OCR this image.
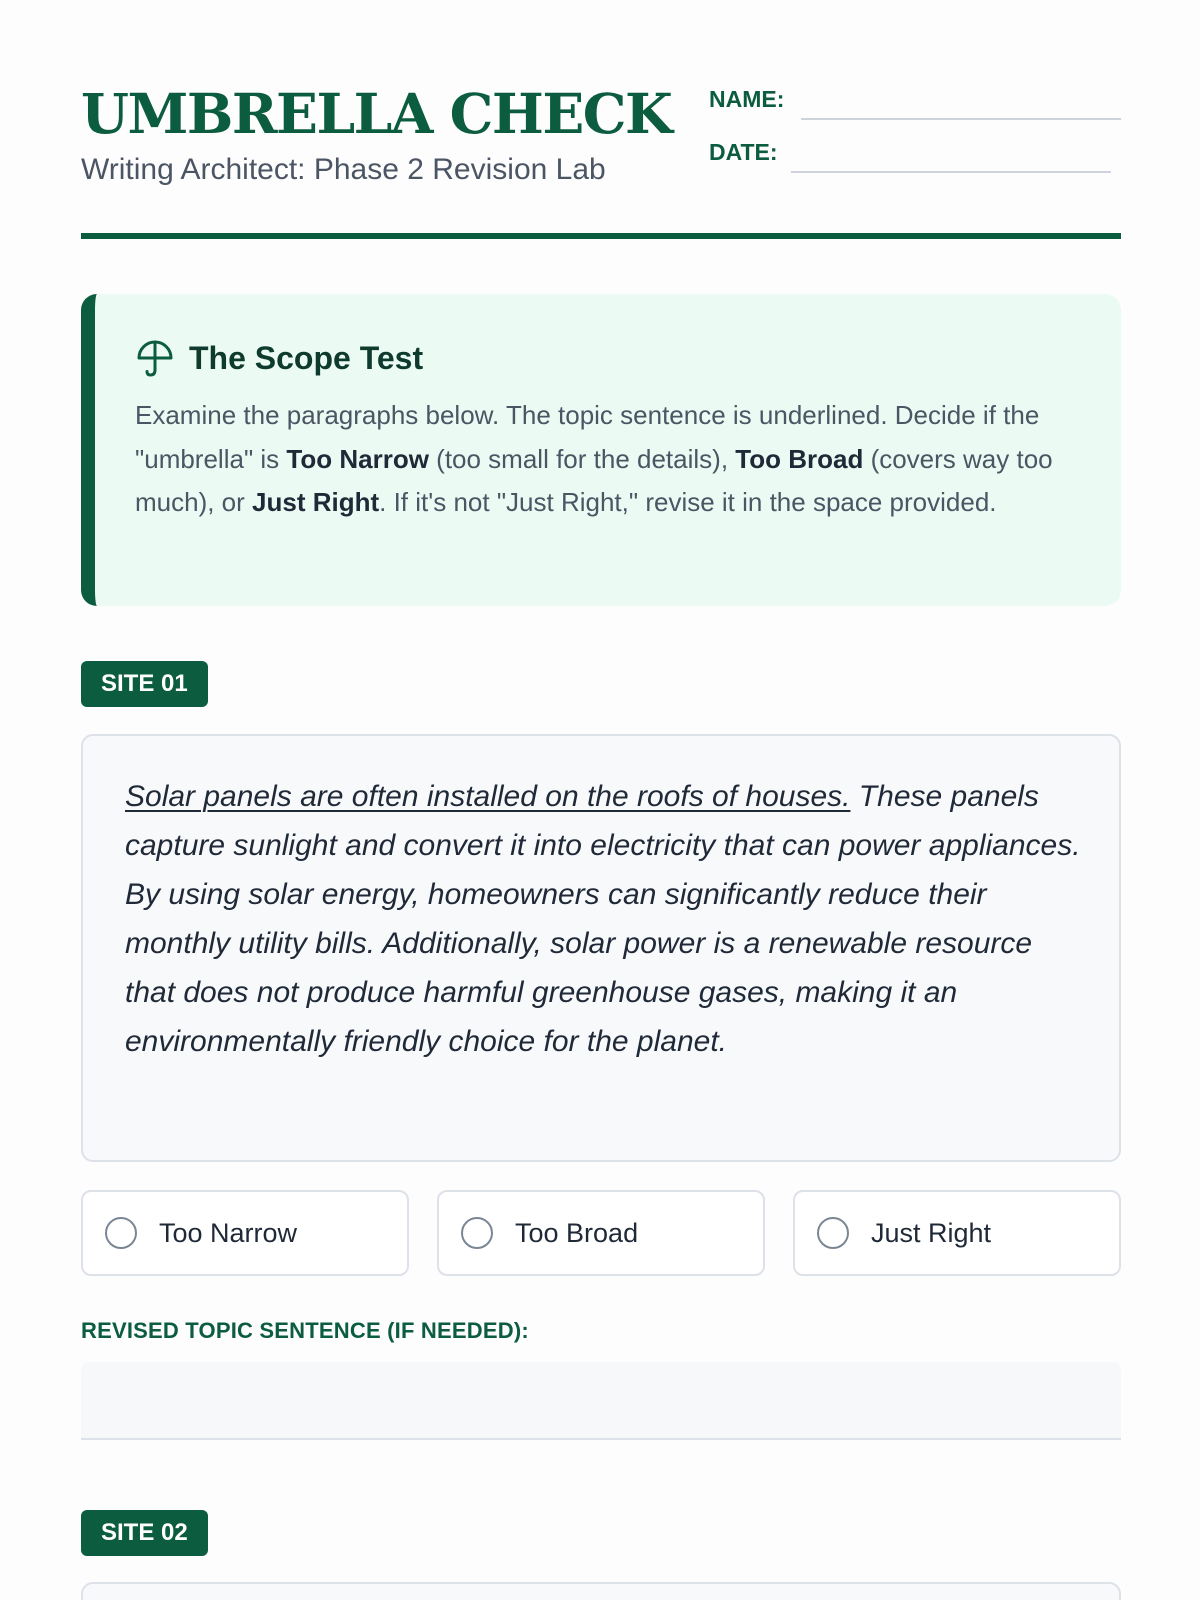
UMBRELLA CHECK
Writing Architect: Phase 2 Revision Lab
NAME:
DATE:
The Scope Test

Examine the paragraphs below. The topic sentence is underlined. Decide if the "umbrella" is Too Narrow (too small for the details), Too Broad (covers way too much), or Just Right. If it's not "Just Right," revise it in the space provided.

SITE 01

Solar panels are often installed on the roofs of houses. These panels capture sunlight and convert it into electricity that can power appliances. By using solar energy, homeowners can significantly reduce their monthly utility bills. Additionally, solar power is a renewable resource that does not produce harmful greenhouse gases, making it an environmentally friendly choice for the planet.

Too Narrow	Too Broad	Just Right
REVISED TOPIC SENTENCE (IF NEEDED):
SITE 02
